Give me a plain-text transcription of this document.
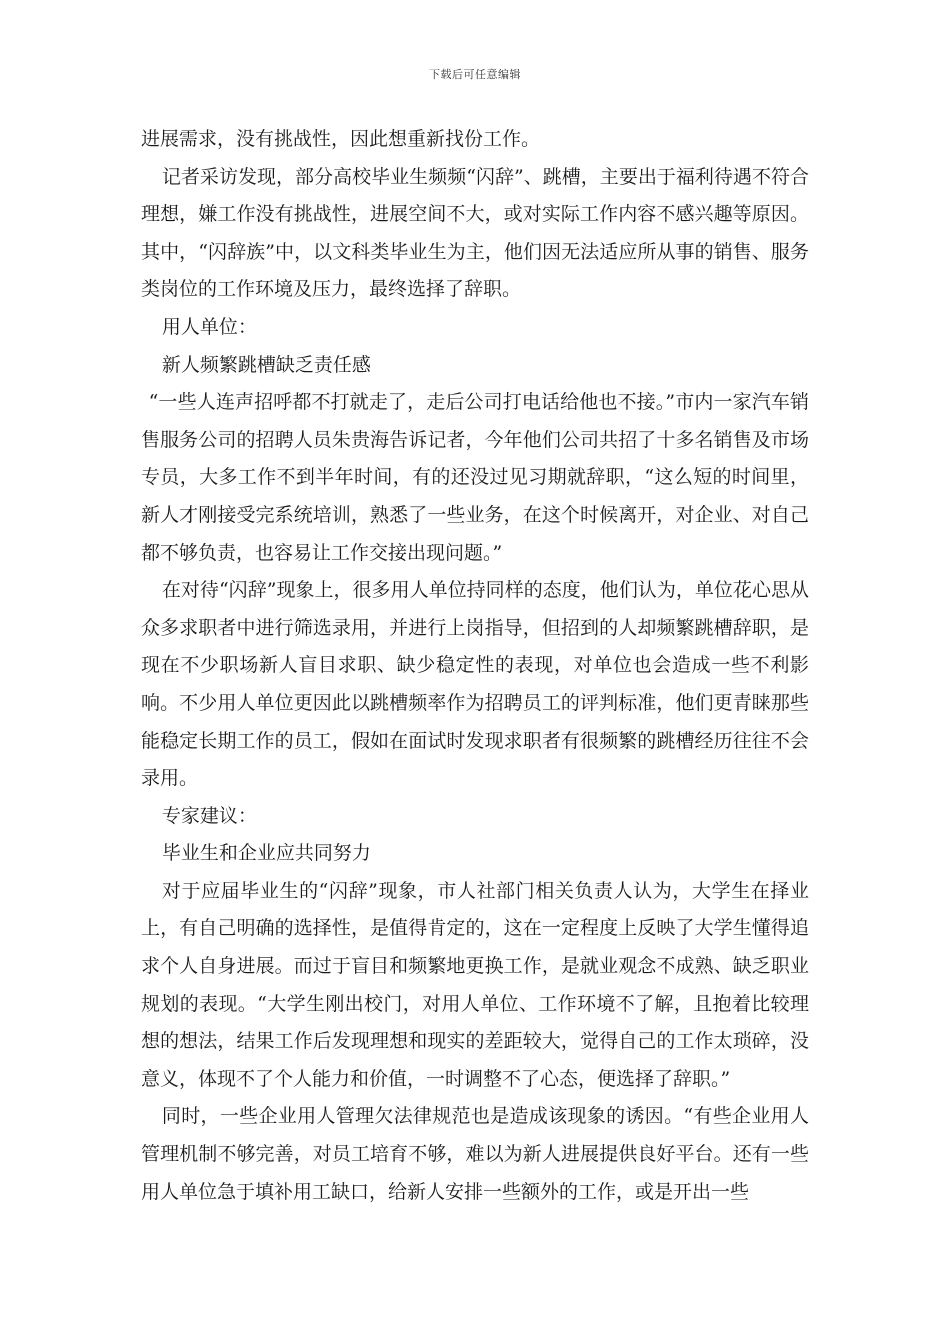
下载后可任意编辑

进展需求，没有挑战性，因此想重新找份工作。

记者采访发现，部分高校毕业生频频“闪辞”、跳槽，主要出于福利待遇不符合理想，嫌工作没有挑战性，进展空间不大，或对实际工作内容不感兴趣等原因。其中，“闪辞族”中，以文科类毕业生为主，他们因无法适应所从事的销售、服务类岗位的工作环境及压力，最终选择了辞职。

用人单位：

新人频繁跳槽缺乏责任感

“一些人连声招呼都不打就走了，走后公司打电话给他也不接。”市内一家汽车销售服务公司的招聘人员朱贵海告诉记者，今年他们公司共招了十多名销售及市场专员，大多工作不到半年时间，有的还没过见习期就辞职，“这么短的时间里，新人才刚接受完系统培训，熟悉了一些业务，在这个时候离开，对企业、对自己都不够负责，也容易让工作交接出现问题。”

在对待“闪辞”现象上，很多用人单位持同样的态度，他们认为，单位花心思从众多求职者中进行筛选录用，并进行上岗指导，但招到的人却频繁跳槽辞职，是现在不少职场新人盲目求职、缺少稳定性的表现，对单位也会造成一些不利影响。不少用人单位更因此以跳槽频率作为招聘员工的评判标准，他们更青睐那些能稳定长期工作的员工，假如在面试时发现求职者有很频繁的跳槽经历往往不会录用。

专家建议：

毕业生和企业应共同努力

对于应届毕业生的“闪辞”现象，市人社部门相关负责人认为，大学生在择业上，有自己明确的选择性，是值得肯定的，这在一定程度上反映了大学生懂得追求个人自身进展。而过于盲目和频繁地更换工作，是就业观念不成熟、缺乏职业规划的表现。“大学生刚出校门，对用人单位、工作环境不了解，且抱着比较理想的想法，结果工作后发现理想和现实的差距较大，觉得自己的工作太琐碎，没意义，体现不了个人能力和价值，一时调整不了心态，便选择了辞职。”

同时，一些企业用人管理欠法律规范也是造成该现象的诱因。“有些企业用人管理机制不够完善，对员工培育不够，难以为新人进展提供良好平台。还有一些用人单位急于填补用工缺口，给新人安排一些额外的工作，或是开出一些
